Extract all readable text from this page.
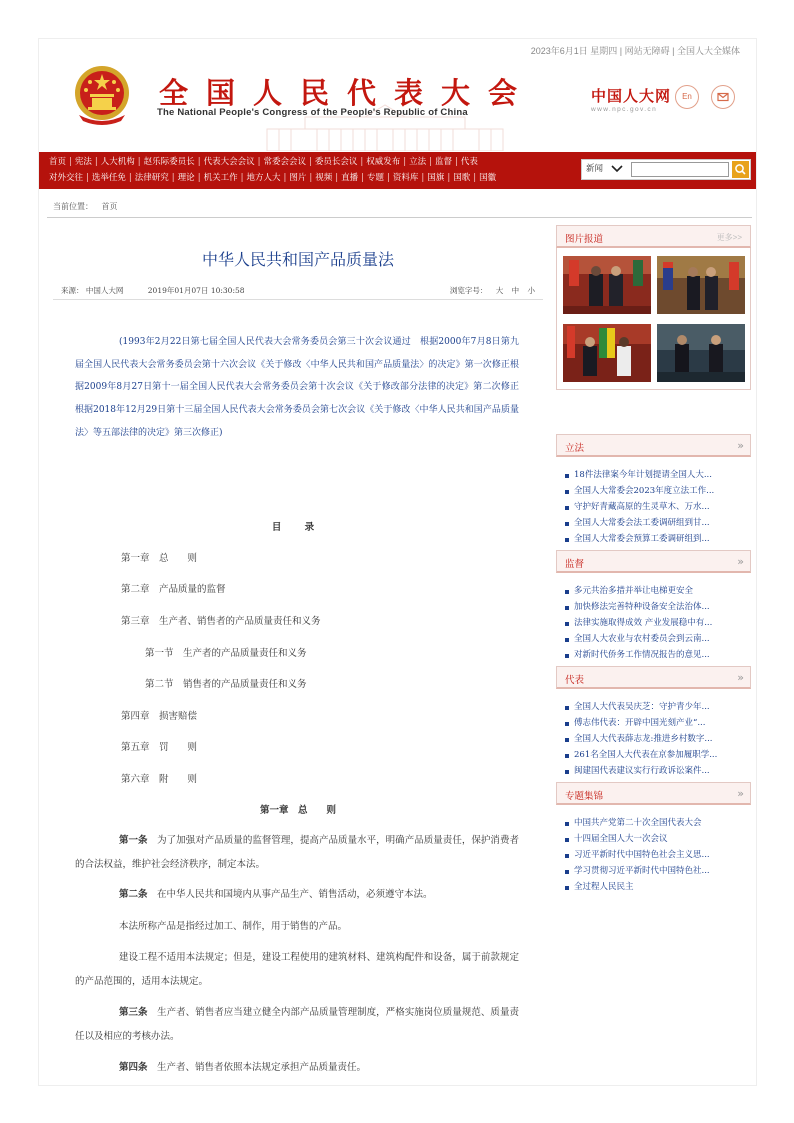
2023年6月1日 星期四 | 网站无障碍 | 全国人大全媒体
全国人民代表大会
The National People's Congress of the People's Republic of China
中国人大网
www.npc.gov.cn
En
首页 | 宪法 | 人大机构 | 赵乐际委员长 | 代表大会会议 | 常委会会议 | 委员长会议 | 权威发布 | 立法 | 监督 | 代表
对外交往 | 选举任免 | 法律研究 | 理论 | 机关工作 | 地方人大 | 图片 | 视频 | 直播 | 专题 | 资料库 | 国旗 | 国歌 | 国徽
新闻
当前位置： 首页
中华人民共和国产品质量法
来源： 中国人大网	2019年01月07日 10:30:58	浏览字号： 大 中 小
(1993年2月22日第七届全国人民代表大会常务委员会第三十次会议通过　根据2000年7月8日第九届全国人民代表大会常务委员会第十六次会议《关于修改〈中华人民共和国产品质量法〉的决定》第一次修正根据2009年8月27日第十一届全国人民代表大会常务委员会第十次会议《关于修改部分法律的决定》第二次修正　根据2018年12月29日第十三届全国人民代表大会常务委员会第七次会议《关于修改〈中华人民共和国产品质量法〉等五部法律的决定》第三次修正)
目 录
第一章　总　　则
第二章　产品质量的监督
第三章　生产者、销售者的产品质量责任和义务
第一节　生产者的产品质量责任和义务
第二节　销售者的产品质量责任和义务
第四章　损害赔偿
第五章　罚　　则
第六章　附　　则
第一章　总　　则
第一条　为了加强对产品质量的监督管理，提高产品质量水平，明确产品质量责任，保护消费者的合法权益，维护社会经济秩序，制定本法。
第二条　在中华人民共和国境内从事产品生产、销售活动，必须遵守本法。
本法所称产品是指经过加工、制作，用于销售的产品。
建设工程不适用本法规定；但是，建设工程使用的建筑材料、建筑构配件和设备，属于前款规定的产品范围的，适用本法规定。
第三条　生产者、销售者应当建立健全内部产品质量管理制度，严格实施岗位质量规范、质量责任以及相应的考核办法。
第四条　生产者、销售者依照本法规定承担产品质量责任。
图片报道	更多>>
立法	»
18件法律案今年计划提请全国人大...
全国人大常委会2023年度立法工作...
守护好青藏高原的生灵草木、万水...
全国人大常委会法工委调研组到甘...
全国人大常委会预算工委调研组到...
监督	»
多元共治多措并举让电梯更安全
加快修法完善特种设备安全法治体...
法律实施取得成效 产业发展稳中有...
全国人大农业与农村委员会到云南...
对新时代侨务工作情况报告的意见...
代表	»
全国人大代表吴庆芝：守护青少年...
傅志伟代表：开辟中国光刻产业“...
全国人大代表薛志龙:推进乡村数字...
261名全国人大代表在京参加履职学...
闽建国代表建议实行行政诉讼案件...
专题集锦	»
中国共产党第二十次全国代表大会
十四届全国人大一次会议
习近平新时代中国特色社会主义思...
学习贯彻习近平新时代中国特色社...
全过程人民民主
